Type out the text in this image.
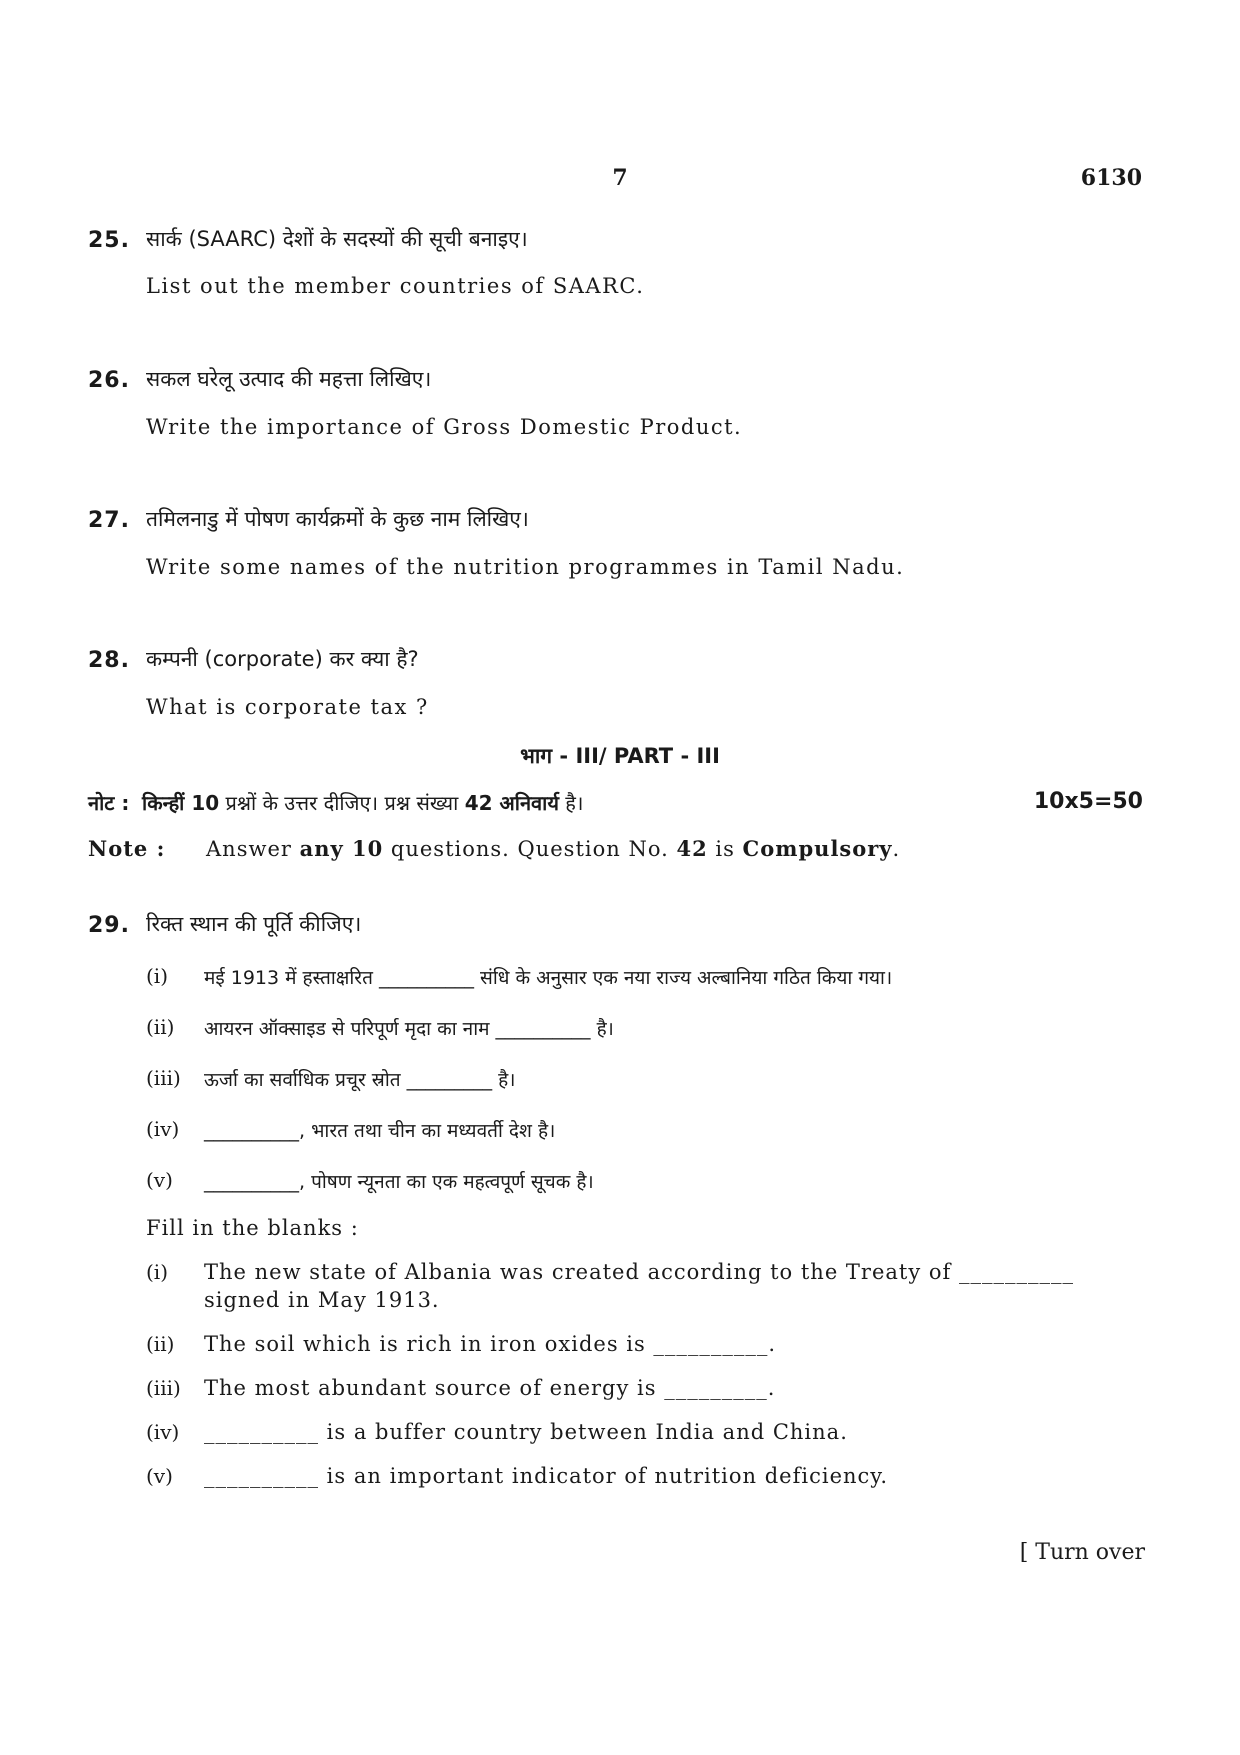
7	6130
25. सार्क (SAARC) देशों के सदस्यों की सूची बनाइए।
List out the member countries of SAARC.
26. सकल घरेलू उत्पाद की महत्ता लिखिए।
Write the importance of Gross Domestic Product.
27. तमिलनाडु में पोषण कार्यक्रमों के कुछ नाम लिखिए।
Write some names of the nutrition programmes in Tamil Nadu.
28. कम्पनी (corporate) कर क्या है?
What is corporate tax ?
भाग - III/ PART - III
नोट : किन्हीं 10 प्रश्नों के उत्तर दीजिए। प्रश्न संख्या 42 अनिवार्य है।	10x5=50
Note : Answer any 10 questions. Question No. 42 is Compulsory.
29. रिक्त स्थान की पूर्ति कीजिए।
(i) मई 1913 में हस्ताक्षरित __________ संधि के अनुसार एक नया राज्य अल्बानिया गठित किया गया।
(ii) आयरन ऑक्साइड से परिपूर्ण मृदा का नाम __________ है।
(iii) ऊर्जा का सर्वाधिक प्रचूर स्रोत _________ है।
(iv) __________, भारत तथा चीन का मध्यवर्ती देश है।
(v) __________, पोषण न्यूनता का एक महत्वपूर्ण सूचक है।
Fill in the blanks :
(i) The new state of Albania was created according to the Treaty of __________
signed in May 1913.
(ii) The soil which is rich in iron oxides is __________.
(iii) The most abundant source of energy is _________.
(iv) __________ is a buffer country between India and China.
(v) __________ is an important indicator of nutrition deficiency.
[ Turn over
